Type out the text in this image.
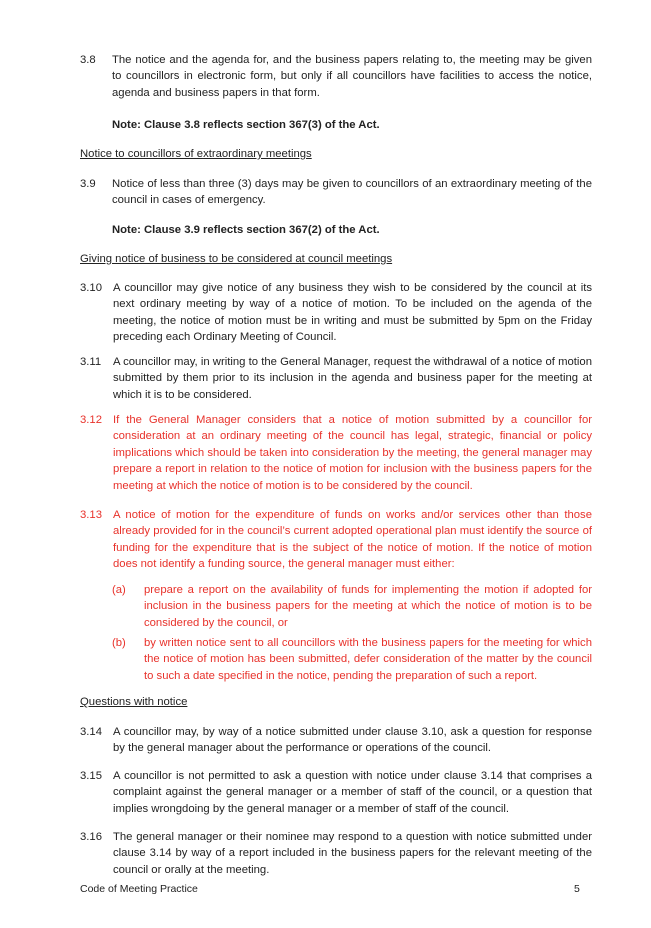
3.8	The notice and the agenda for, and the business papers relating to, the meeting may be given to councillors in electronic form, but only if all councillors have facilities to access the notice, agenda and business papers in that form.
Note: Clause 3.8 reflects section 367(3) of the Act.
Notice to councillors of extraordinary meetings
3.9	Notice of less than three (3) days may be given to councillors of an extraordinary meeting of the council in cases of emergency.
Note: Clause 3.9 reflects section 367(2) of the Act.
Giving notice of business to be considered at council meetings
3.10 A councillor may give notice of any business they wish to be considered by the council at its next ordinary meeting by way of a notice of motion. To be included on the agenda of the meeting, the notice of motion must be in writing and must be submitted by 5pm on the Friday preceding each Ordinary Meeting of Council.
3.11	A councillor may, in writing to the General Manager, request the withdrawal of a notice of motion submitted by them prior to its inclusion in the agenda and business paper for the meeting at which it is to be considered.
3.12 If the General Manager considers that a notice of motion submitted by a councillor for consideration at an ordinary meeting of the council has legal, strategic, financial or policy implications which should be taken into consideration by the meeting, the general manager may prepare a report in relation to the notice of motion for inclusion with the business papers for the meeting at which the notice of motion is to be considered by the council.
3.13 A notice of motion for the expenditure of funds on works and/or services other than those already provided for in the council’s current adopted operational plan must identify the source of funding for the expenditure that is the subject of the notice of motion. If the notice of motion does not identify a funding source, the general manager must either:
(a)	prepare a report on the availability of funds for implementing the motion if adopted for inclusion in the business papers for the meeting at which the notice of motion is to be considered by the council, or
(b)	by written notice sent to all councillors with the business papers for the meeting for which the notice of motion has been submitted, defer consideration of the matter by the council to such a date specified in the notice, pending the preparation of such a report.
Questions with notice
3.14 A councillor may, by way of a notice submitted under clause 3.10, ask a question for response by the general manager about the performance or operations of the council.
3.15 A councillor is not permitted to ask a question with notice under clause 3.14 that comprises a complaint against the general manager or a member of staff of the council, or a question that implies wrongdoing by the general manager or a member of staff of the council.
3.16 The general manager or their nominee may respond to a question with notice submitted under clause 3.14 by way of a report included in the business papers for the relevant meeting of the council or orally at the meeting.
Code of Meeting Practice	5
